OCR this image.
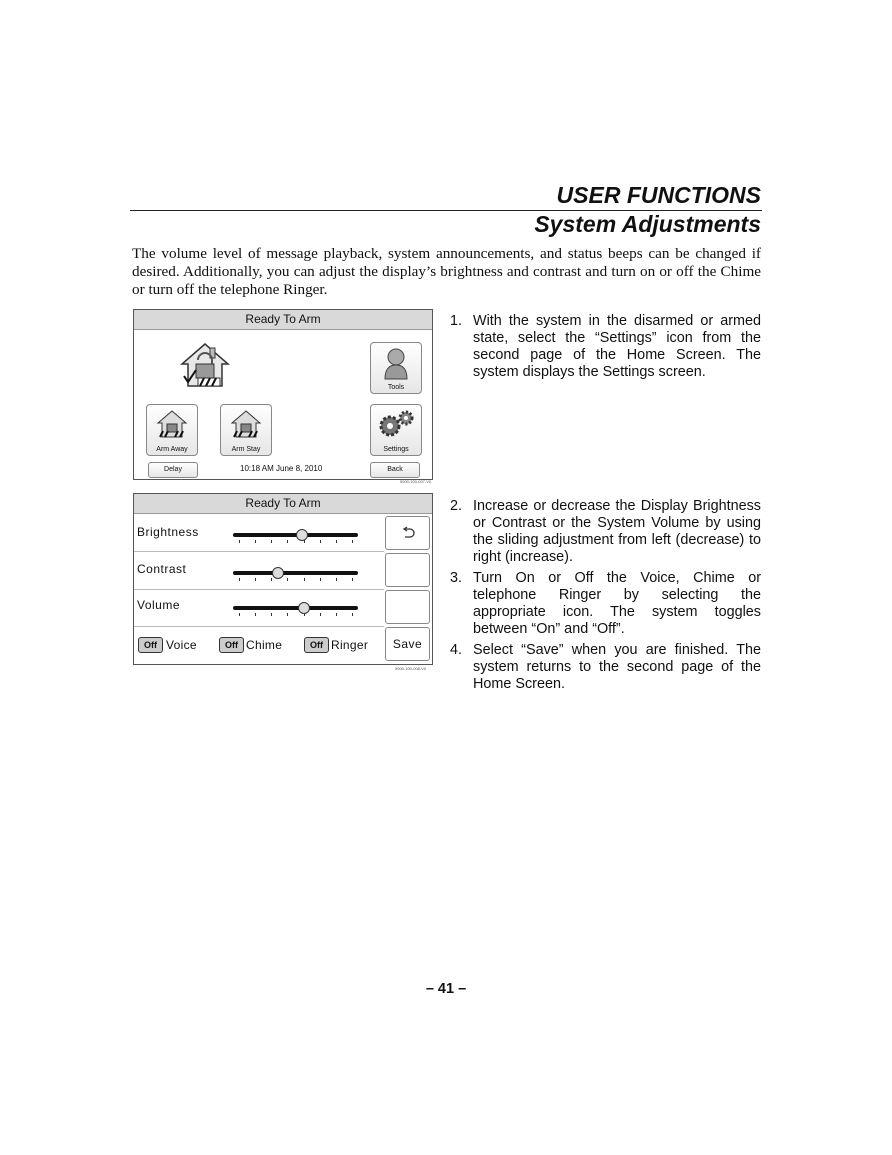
USER FUNCTIONS
System Adjustments

The volume level of message playback, system announcements, and status beeps can be changed if desired. Additionally, you can adjust the display’s brightness and contrast and turn on or off the Chime or turn off the telephone Ringer.

Ready To Arm
Tools
Arm Away	Arm Stay	Settings
Delay	10:18 AM June 8, 2010	Back
5000-100-007-V0
Ready To Arm
Brightness
Contrast
Volume
Save
Off Voice	Off Chime	Off Ringer
5000-100-008-V0
1. With the system in the disarmed or armed state, select the “Settings” icon from the second page of the Home Screen. The system displays the Settings screen.
2. Increase or decrease the Display Brightness or Contrast or the System Volume by using the sliding adjustment from left (decrease) to right (increase).
3. Turn On or Off the Voice, Chime or telephone Ringer by selecting the appropriate icon. The system toggles between “On” and “Off”.
4. Select “Save” when you are finished. The system returns to the second page of the Home Screen.
– 41 –
